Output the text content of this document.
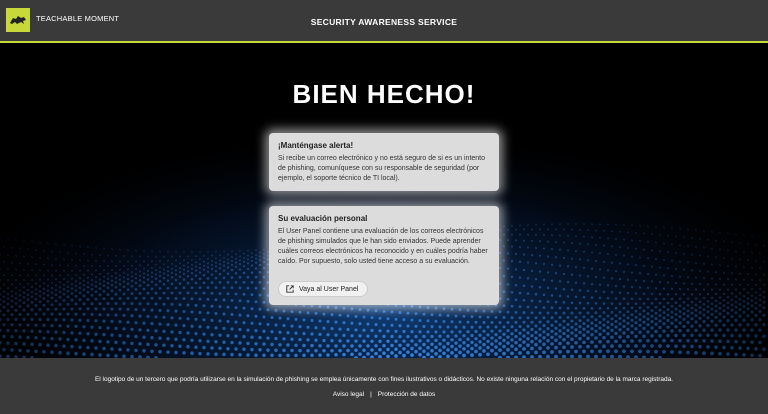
TEACHABLE MOMENT	SECURITY AWARENESS SERVICE
BIEN HECHO!
¡Manténgase alerta!

Si recibe un correo electrónico y no está seguro de si es un intento de phishing, comuníquese con su responsable de seguridad (por ejemplo, el soporte técnico de TI local).

Su evaluación personal

El User Panel contiene una evaluación de los correos electrónicos de phishing simulados que le han sido enviados. Puede aprender cuáles correos electrónicos ha reconocido y en cuáles podría haber caído. Por supuesto, solo usted tiene acceso a su evaluación.

Vaya al User Panel
El logotipo de un tercero que podría utilizarse en la simulación de phishing se emplea únicamente con fines ilustrativos o didácticos. No existe ninguna relación con el propietario de la marca registrada.
Aviso legal | Protección de datos
